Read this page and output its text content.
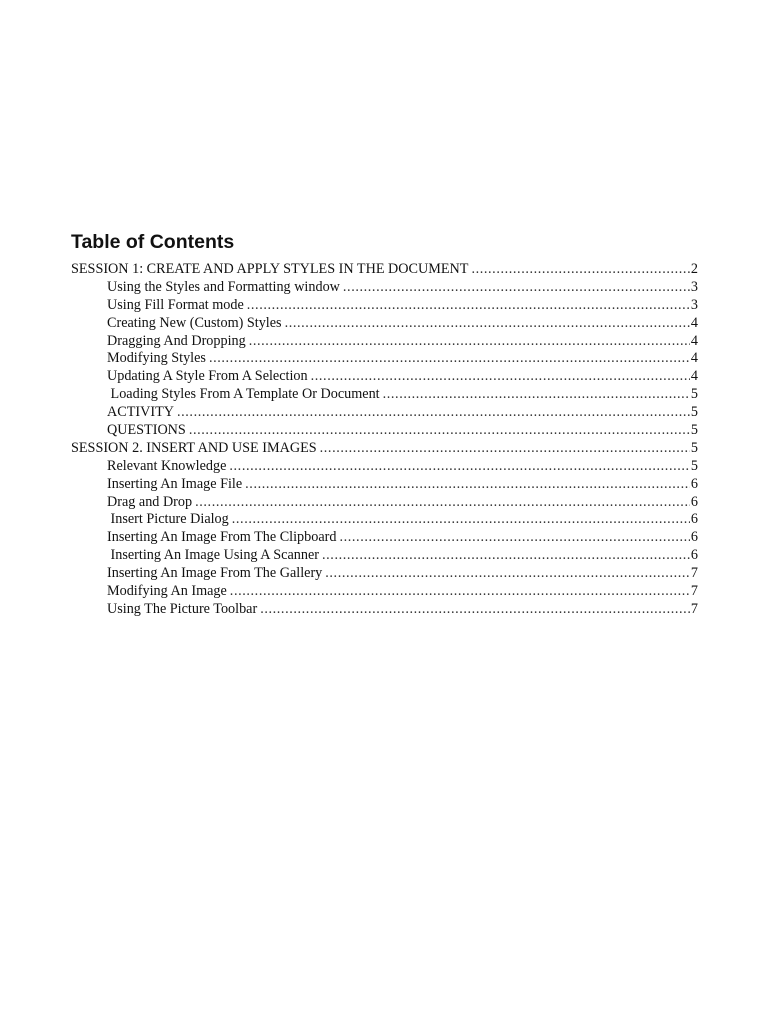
Table of Contents
SESSION 1: CREATE AND APPLY STYLES IN THE DOCUMENT .....	2
Using the Styles and Formatting window .....	3
Using Fill Format mode .....	3
Creating New (Custom) Styles .....	4
Dragging And Dropping .....	4
Modifying Styles .....	4
Updating A Style From A Selection .....	4
Loading Styles From A Template Or Document .....	5
ACTIVITY .....	5
QUESTIONS .....	5
SESSION 2. INSERT AND USE IMAGES .....	5
Relevant Knowledge .....	5
Inserting An Image File .....	6
Drag and Drop .....	6
Insert Picture Dialog .....	6
Inserting An Image From The Clipboard .....	6
Inserting An Image Using A Scanner .....	6
Inserting An Image From The Gallery .....	7
Modifying An Image .....	7
Using The Picture Toolbar .....	7
